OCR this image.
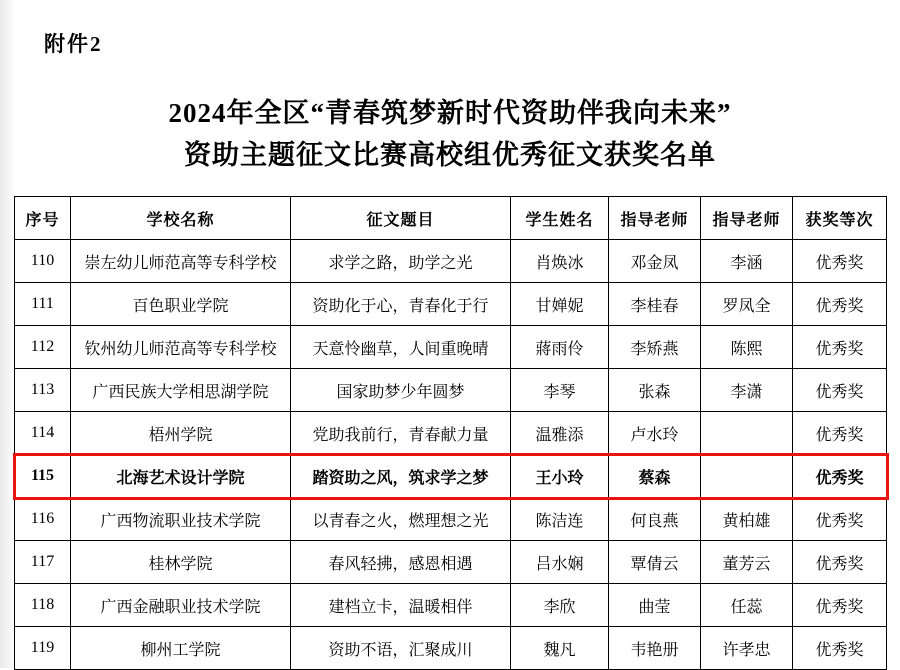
附件2
2024年全区“青春筑梦新时代资助伴我向未来”
资助主题征文比赛高校组优秀征文获奖名单
序号	学校名称	征文题目	学生姓名	指导老师	指导老师	获奖等次
110	崇左幼儿师范高等专科学校	求学之路，助学之光	肖焕冰	邓金凤	李涵	优秀奖
111	百色职业学院	资助化于心，青春化于行	甘婵妮	李桂春	罗凤全	优秀奖
112	钦州幼儿师范高等专科学校	天意怜幽草，人间重晚晴	蔣雨伶	李矫燕	陈熙	优秀奖
113	广西民族大学相思湖学院	国家助梦少年圆梦	李琴	张森	李潇	优秀奖
114	梧州学院	党助我前行，青春献力量	温雅添	卢水玲		优秀奖
115	北海艺术设计学院	踏资助之风，筑求学之梦	王小玲	蔡森		优秀奖
116	广西物流职业技术学院	以青春之火，燃理想之光	陈洁连	何良燕	黄柏雄	优秀奖
117	桂林学院	春风轻拂，感恩相遇	吕水娴	覃倩云	董芳云	优秀奖
118	广西金融职业技术学院	建档立卡，温暖相伴	李欣	曲莹	任蕊	优秀奖
119	柳州工学院	资助不语，汇聚成川	魏凡	韦艳册	许孝忠	优秀奖
